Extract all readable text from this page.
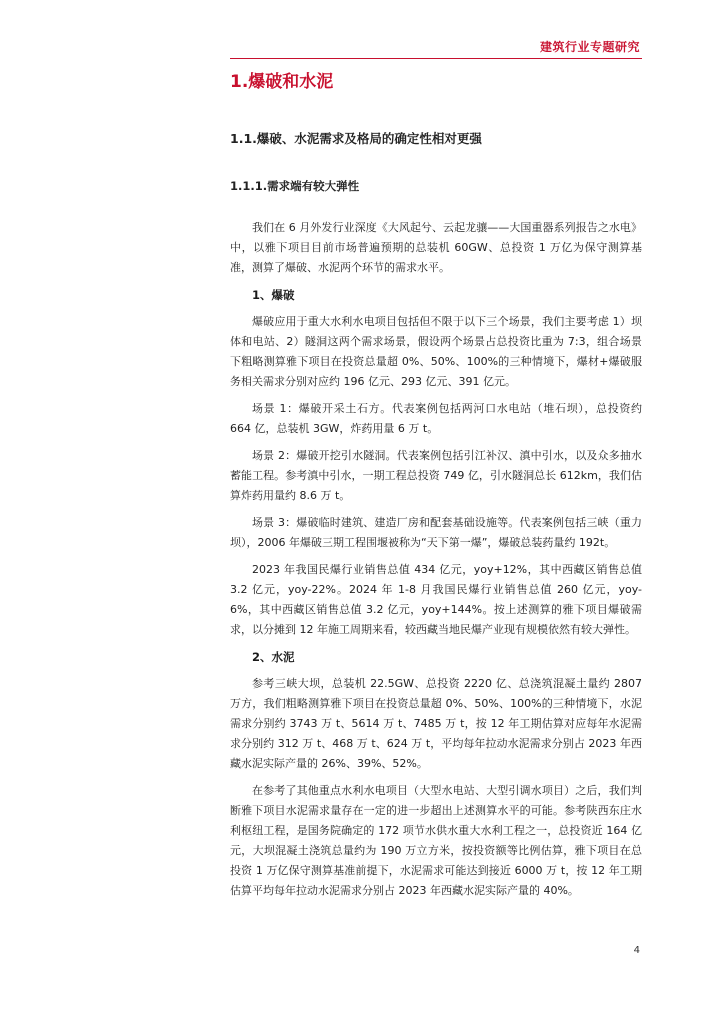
建筑行业专题研究
1.爆破和水泥
1.1.爆破、水泥需求及格局的确定性相对更强
1.1.1.需求端有较大弹性

我们在 6 月外发行业深度《大风起兮、云起龙骧——大国重器系列报告之水电》中，以雅下项目目前市场普遍预期的总装机 60GW、总投资 1 万亿为保守测算基准，测算了爆破、水泥两个环节的需求水平。

1、爆破

爆破应用于重大水利水电项目包括但不限于以下三个场景，我们主要考虑 1）坝体和电站、2）隧洞这两个需求场景，假设两个场景占总投资比重为 7:3，组合场景下粗略测算雅下项目在投资总量超 0%、50%、100%的三种情境下，爆材+爆破服务相关需求分别对应约 196 亿元、293 亿元、391 亿元。

场景 1：爆破开采土石方。代表案例包括两河口水电站（堆石坝），总投资约 664 亿，总装机 3GW，炸药用量 6 万 t。

场景 2：爆破开挖引水隧洞。代表案例包括引江补汉、滇中引水，以及众多抽水蓄能工程。参考滇中引水，一期工程总投资 749 亿，引水隧洞总长 612km，我们估算炸药用量约 8.6 万 t。

场景 3：爆破临时建筑、建造厂房和配套基础设施等。代表案例包括三峡（重力坝），2006 年爆破三期工程围堰被称为“天下第一爆”，爆破总装药量约 192t。

2023 年我国民爆行业销售总值 434 亿元，yoy+12%，其中西藏区销售总值 3.2 亿元，yoy-22%。2024 年 1-8 月我国民爆行业销售总值 260 亿元，yoy-6%，其中西藏区销售总值 3.2 亿元，yoy+144%。按上述测算的雅下项目爆破需求，以分摊到 12 年施工周期来看，较西藏当地民爆产业现有规模依然有较大弹性。

2、水泥

参考三峡大坝，总装机 22.5GW、总投资 2220 亿、总浇筑混凝土量约 2807 万方，我们粗略测算雅下项目在投资总量超 0%、50%、100%的三种情境下，水泥需求分别约 3743 万 t、5614 万 t、7485 万 t，按 12 年工期估算对应每年水泥需求分别约 312 万 t、468 万 t、624 万 t，平均每年拉动水泥需求分别占 2023 年西藏水泥实际产量的 26%、39%、52%。

在参考了其他重点水利水电项目（大型水电站、大型引调水项目）之后，我们判断雅下项目水泥需求量存在一定的进一步超出上述测算水平的可能。参考陕西东庄水利枢纽工程，是国务院确定的 172 项节水供水重大水利工程之一，总投资近 164 亿元，大坝混凝土浇筑总量约为 190 万立方米，按投资额等比例估算，雅下项目在总投资 1 万亿保守测算基准前提下，水泥需求可能达到接近 6000 万 t，按 12 年工期估算平均每年拉动水泥需求分别占 2023 年西藏水泥实际产量的 40%。

4
